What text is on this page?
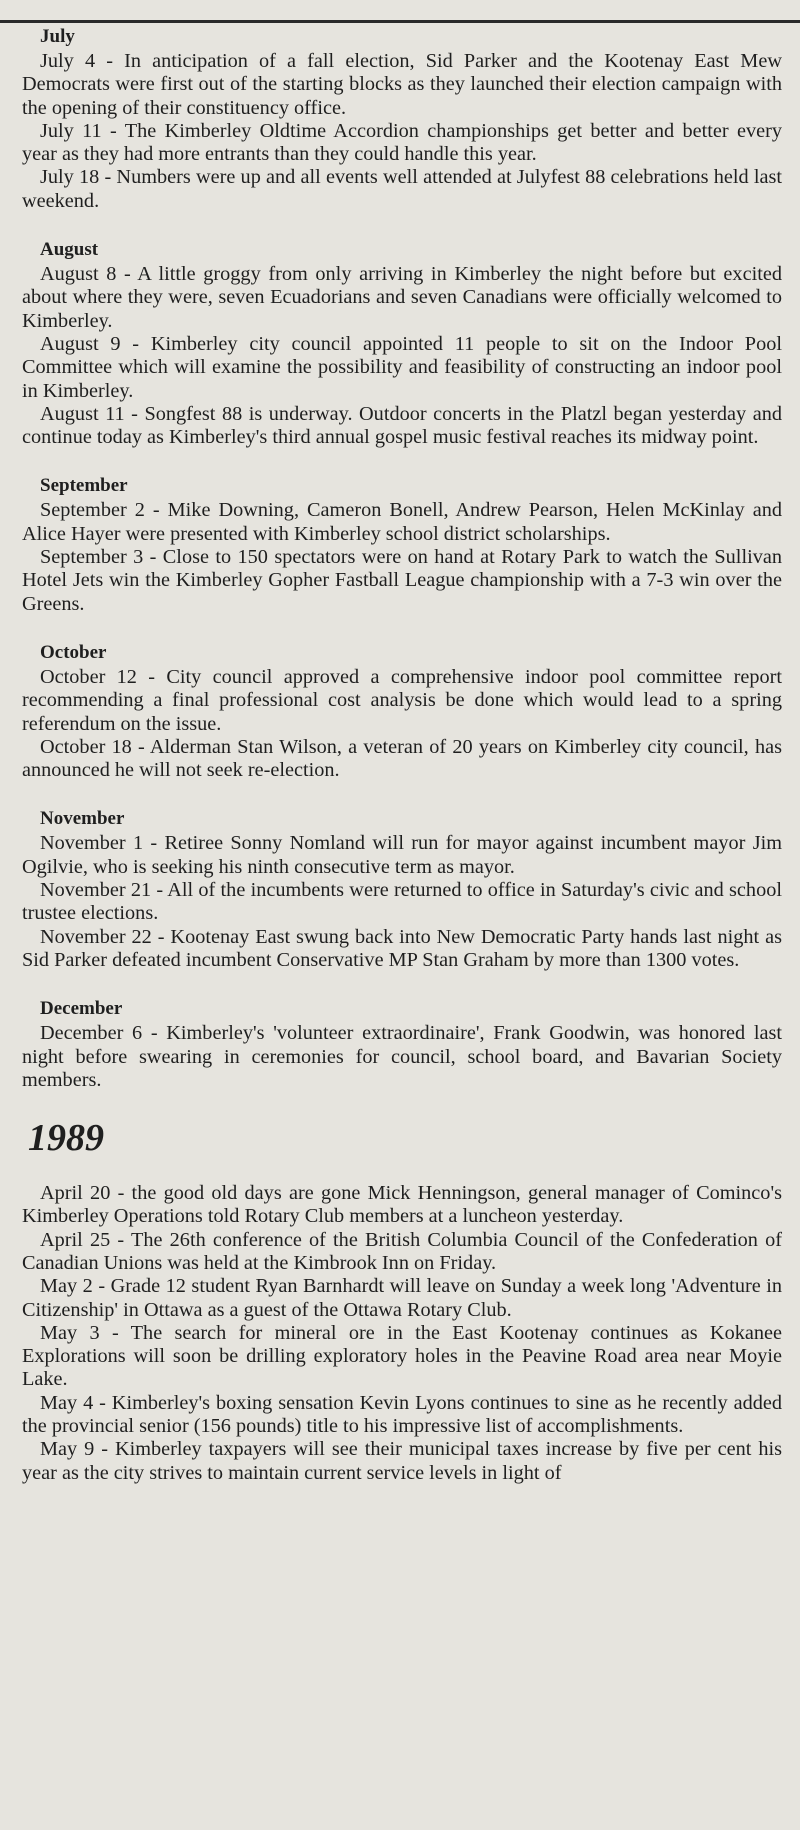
July

July 4 - In anticipation of a fall election, Sid Parker and the Kootenay East Mew Democrats were first out of the starting blocks as they launched their election campaign with the opening of their constituency office.

July 11 - The Kimberley Oldtime Accordion championships get better and better every year as they had more entrants than they could handle this year.

July 18 - Numbers were up and all events well attended at Julyfest 88 celebrations held last weekend.

August

August 8 - A little groggy from only arriving in Kimberley the night before but excited about where they were, seven Ecuadorians and seven Canadians were officially welcomed to Kimberley.

August 9 - Kimberley city council appointed 11 people to sit on the Indoor Pool Committee which will examine the possibility and feasibility of constructing an indoor pool in Kimberley.

August 11 - Songfest 88 is underway. Outdoor concerts in the Platzl began yesterday and continue today as Kimberley's third annual gospel music festival reaches its midway point.

September

September 2 - Mike Downing, Cameron Bonell, Andrew Pearson, Helen McKinlay and Alice Hayer were presented with Kimberley school district scholarships.

September 3 - Close to 150 spectators were on hand at Rotary Park to watch the Sullivan Hotel Jets win the Kimberley Gopher Fastball League championship with a 7-3 win over the Greens.

October

October 12 - City council approved a comprehensive indoor pool committee report recommending a final professional cost analysis be done which would lead to a spring referendum on the issue.

October 18 - Alderman Stan Wilson, a veteran of 20 years on Kimberley city council, has announced he will not seek re-election.

November

November 1 - Retiree Sonny Nomland will run for mayor against incumbent mayor Jim Ogilvie, who is seeking his ninth consecutive term as mayor.

November 21 - All of the incumbents were returned to office in Saturday's civic and school trustee elections.

November 22 - Kootenay East swung back into New Democratic Party hands last night as Sid Parker defeated incumbent Conservative MP Stan Graham by more than 1300 votes.

December

December 6 - Kimberley's 'volunteer extraordinaire', Frank Goodwin, was honored last night before swearing in ceremonies for council, school board, and Bavarian Society members.

1989

April 20 - the good old days are gone Mick Henningson, general manager of Cominco's Kimberley Operations told Rotary Club members at a luncheon yesterday.

April 25 - The 26th conference of the British Columbia Council of the Confederation of Canadian Unions was held at the Kimbrook Inn on Friday.

May 2 - Grade 12 student Ryan Barnhardt will leave on Sunday a week long 'Adventure in Citizenship' in Ottawa as a guest of the Ottawa Rotary Club.

May 3 - The search for mineral ore in the East Kootenay continues as Kokanee Explorations will soon be drilling exploratory holes in the Peavine Road area near Moyie Lake.

May 4 - Kimberley's boxing sensation Kevin Lyons continues to sine as he recently added the provincial senior (156 pounds) title to his impressive list of accomplishments.

May 9 - Kimberley taxpayers will see their municipal taxes increase by five per cent his year as the city strives to maintain current service levels in light of
